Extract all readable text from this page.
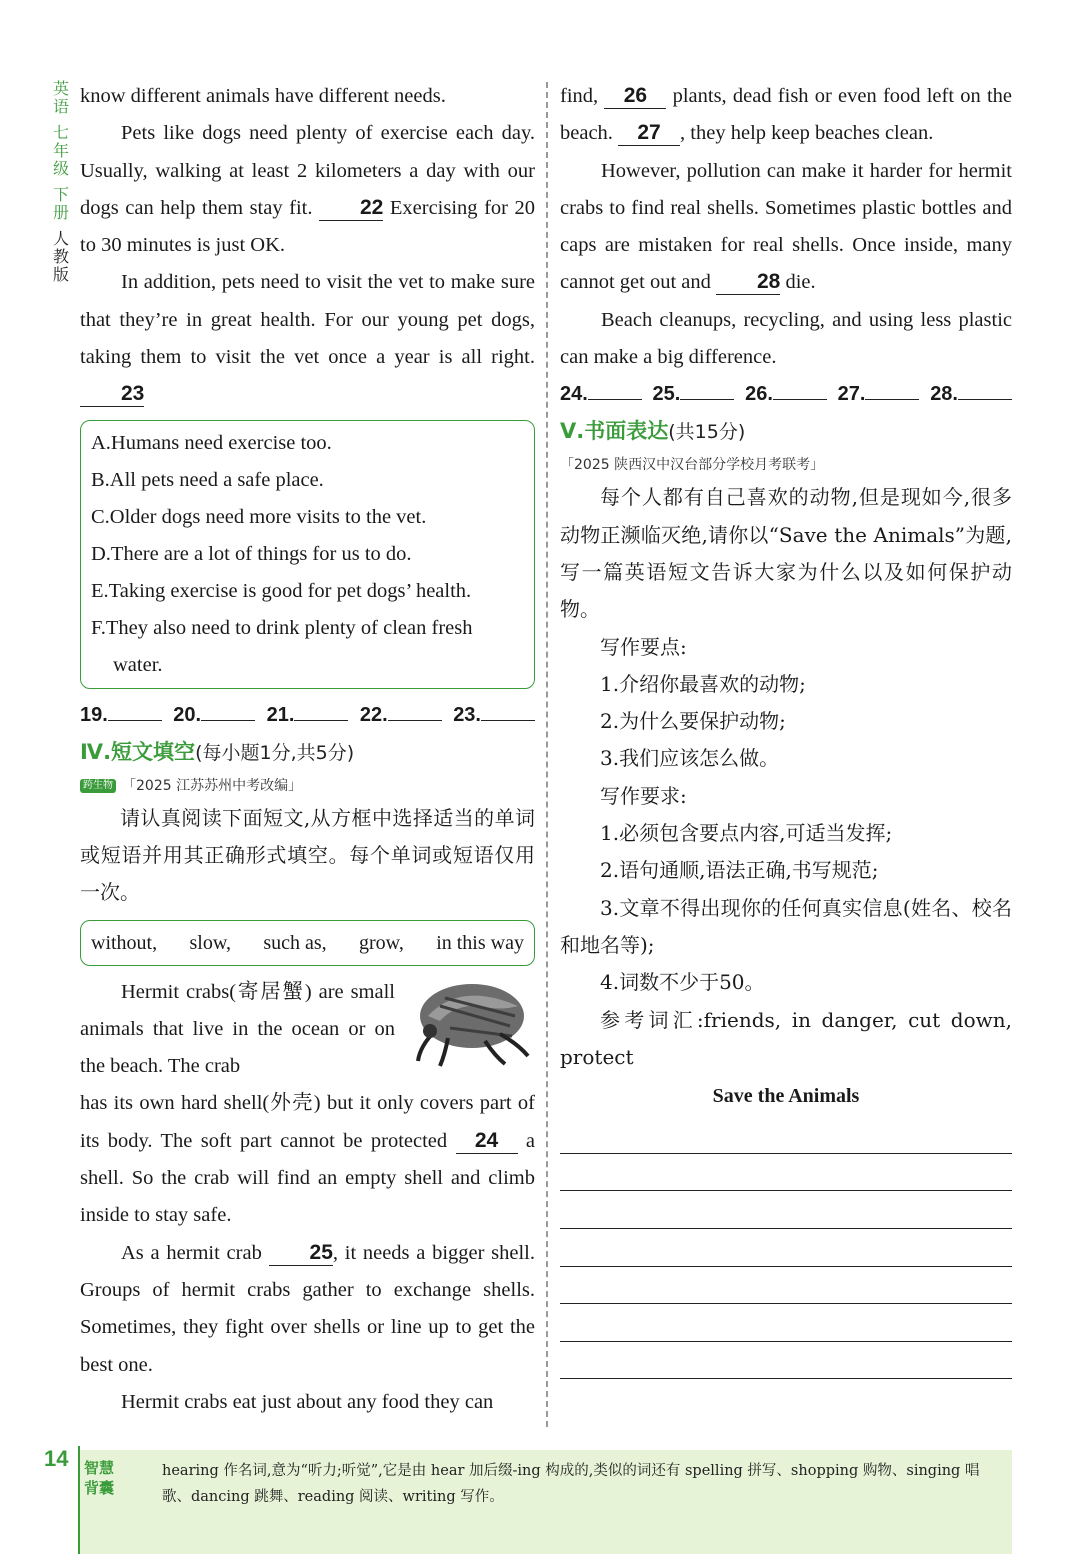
英语
七年级
下册
人教版

know different animals have different needs.

Pets like dogs need plenty of exercise each day. Usually, walking at least 2 kilometers a day with our dogs can help them stay fit. 22 Exercising for 20 to 30 minutes is just OK.

In addition, pets need to visit the vet to make sure that they’re in great health. For our young pet dogs, taking them to visit the vet once a year is all right. 23

A.Humans need exercise too.

B.All pets need a safe place.

C.Older dogs need more visits to the vet.

D.There are a lot of things for us to do.

E.Taking exercise is good for pet dogs’ health.

F.They also need to drink plenty of clean fresh water.

19.	20.	21.	22.	23.
Ⅳ.短文填空(每小题1分,共5分)
跨生物 「2025 江苏苏州中考改编」

请认真阅读下面短文,从方框中选择适当的单词或短语并用其正确形式填空。每个单词或短语仅用一次。

without, slow, such as, grow, in this way

Hermit crabs(寄居蟹) are small animals that live in the ocean or on the beach. The crab

has its own hard shell(外壳) but it only covers part of its body. The soft part cannot be protected 24 a shell. So the crab will find an empty shell and climb inside to stay safe.

As a hermit crab 25, it needs a bigger shell. Groups of hermit crabs gather to exchange shells. Sometimes, they fight over shells or line up to get the best one.

Hermit crabs eat just about any food they can

find, 26 plants, dead fish or even food left on the beach. 27 , they help keep beaches clean.

However, pollution can make it harder for hermit crabs to find real shells. Sometimes plastic bottles and caps are mistaken for real shells. Once inside, many cannot get out and 28 die.

Beach cleanups, recycling, and using less plastic can make a big difference.

24.	25.	26.	27.	28.
Ⅴ.书面表达(共15分)
「2025 陕西汉中汉台部分学校月考联考」

每个人都有自己喜欢的动物,但是现如今,很多动物正濒临灭绝,请你以“Save the Animals”为题,写一篇英语短文告诉大家为什么以及如何保护动物。

写作要点:

1.介绍你最喜欢的动物;

2.为什么要保护动物;

3.我们应该怎么做。

写作要求:

1.必须包含要点内容,可适当发挥;

2.语句通顺,语法正确,书写规范;

3.文章不得出现你的任何真实信息(姓名、校名和地名等);

4.词数不少于50。

参考词汇:friends, in danger, cut down, protect

Save the Animals
14 智慧背囊
hearing 作名词,意为“听力;听觉”,它是由 hear 加后缀-ing 构成的,类似的词还有 spelling 拼写、shopping 购物、singing 唱歌、dancing 跳舞、reading 阅读、writing 写作。
